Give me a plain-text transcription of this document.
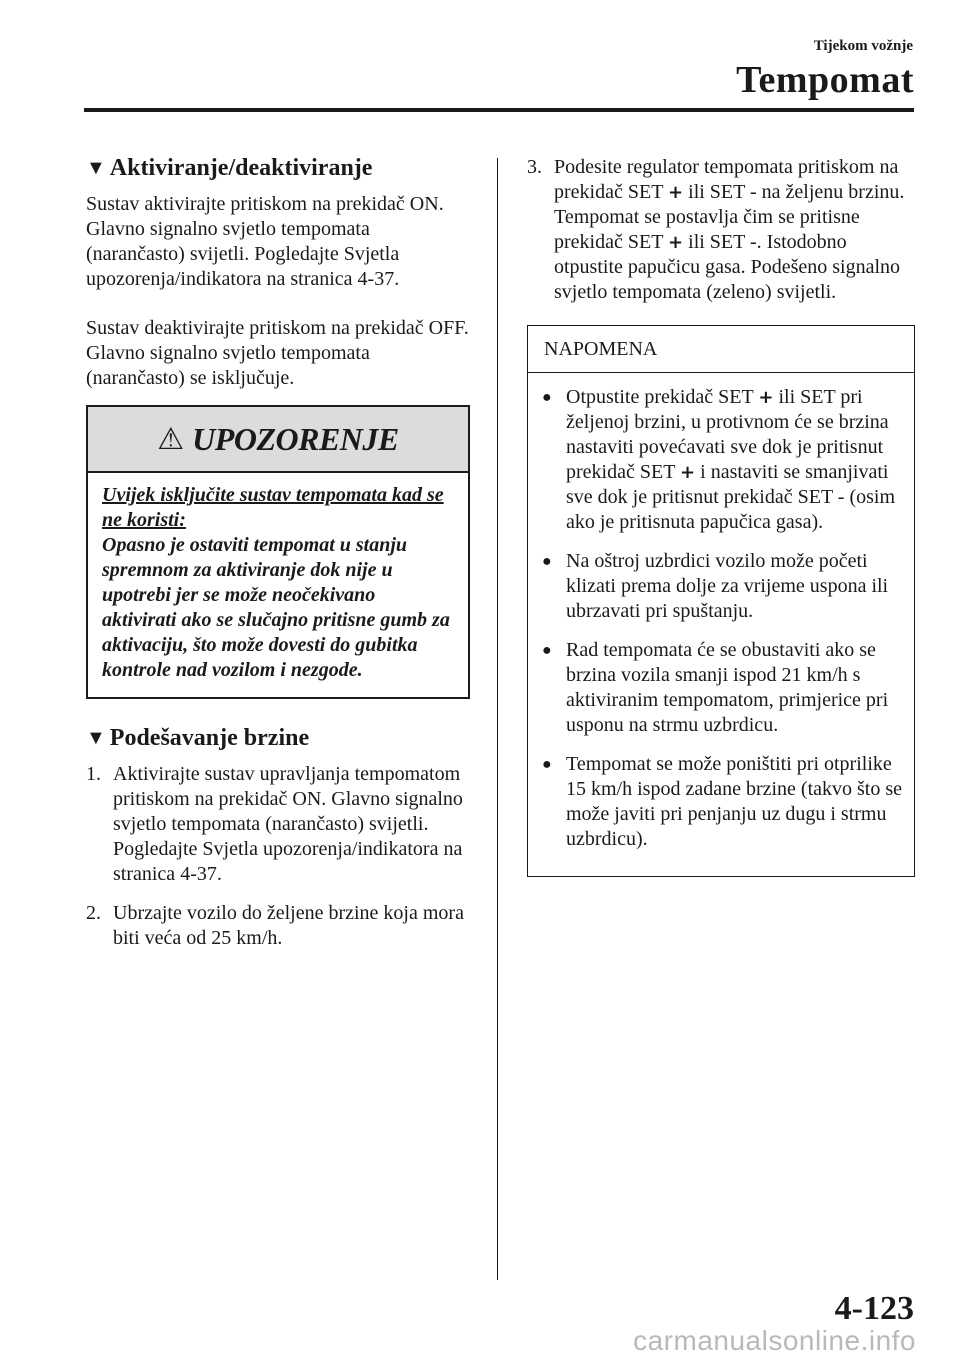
Tijekom vožnje
Tempomat
▼ Aktiviranje/deaktiviranje

Sustav aktivirajte pritiskom na prekidač ON. Glavno signalno svjetlo tempomata (narančasto) svijetli. Pogledajte Svjetla upozorenja/indikatora na stranica 4-37.

Sustav deaktivirajte pritiskom na prekidač OFF. Glavno signalno svjetlo tempomata (narančasto) se isključuje.

⚠ UPOZORENJE
Uvijek isključite sustav tempomata kad se ne koristi:
Opasno je ostaviti tempomat u stanju spremnom za aktiviranje dok nije u upotrebi jer se može neočekivano aktivirati ako se slučajno pritisne gumb za aktivaciju, što može dovesti do gubitka kontrole nad vozilom i nezgode.
▼ Podešavanje brzine
1. Aktivirajte sustav upravljanja tempomatom pritiskom na prekidač ON. Glavno signalno svjetlo tempomata (narančasto) svijetli. Pogledajte Svjetla upozorenja/indikatora na stranica 4-37.
2. Ubrzajte vozilo do željene brzine koja mora biti veća od 25 km/h.
3. Podesite regulator tempomata pritiskom na prekidač SET + ili SET - na željenu brzinu. Tempomat se postavlja čim se pritisne prekidač SET + ili SET -. Istodobno otpustite papučicu gasa. Podešeno signalno svjetlo tempomata (zeleno) svijetli.
NAPOMENA
● Otpustite prekidač SET + ili SET pri željenoj brzini, u protivnom će se brzina nastaviti povećavati sve dok je pritisnut prekidač SET + i nastaviti se smanjivati sve dok je pritisnut prekidač SET - (osim ako je pritisnuta papučica gasa).
● Na oštroj uzbrdici vozilo može početi klizati prema dolje za vrijeme uspona ili ubrzavati pri spuštanju.
● Rad tempomata će se obustaviti ako se brzina vozila smanji ispod 21 km/h s aktiviranim tempomatom, primjerice pri usponu na strmu uzbrdicu.
● Tempomat se može poništiti pri otprilike 15 km/h ispod zadane brzine (takvo što se može javiti pri penjanju uz dugu i strmu uzbrdicu).
4-123
carmanualsonline.info
